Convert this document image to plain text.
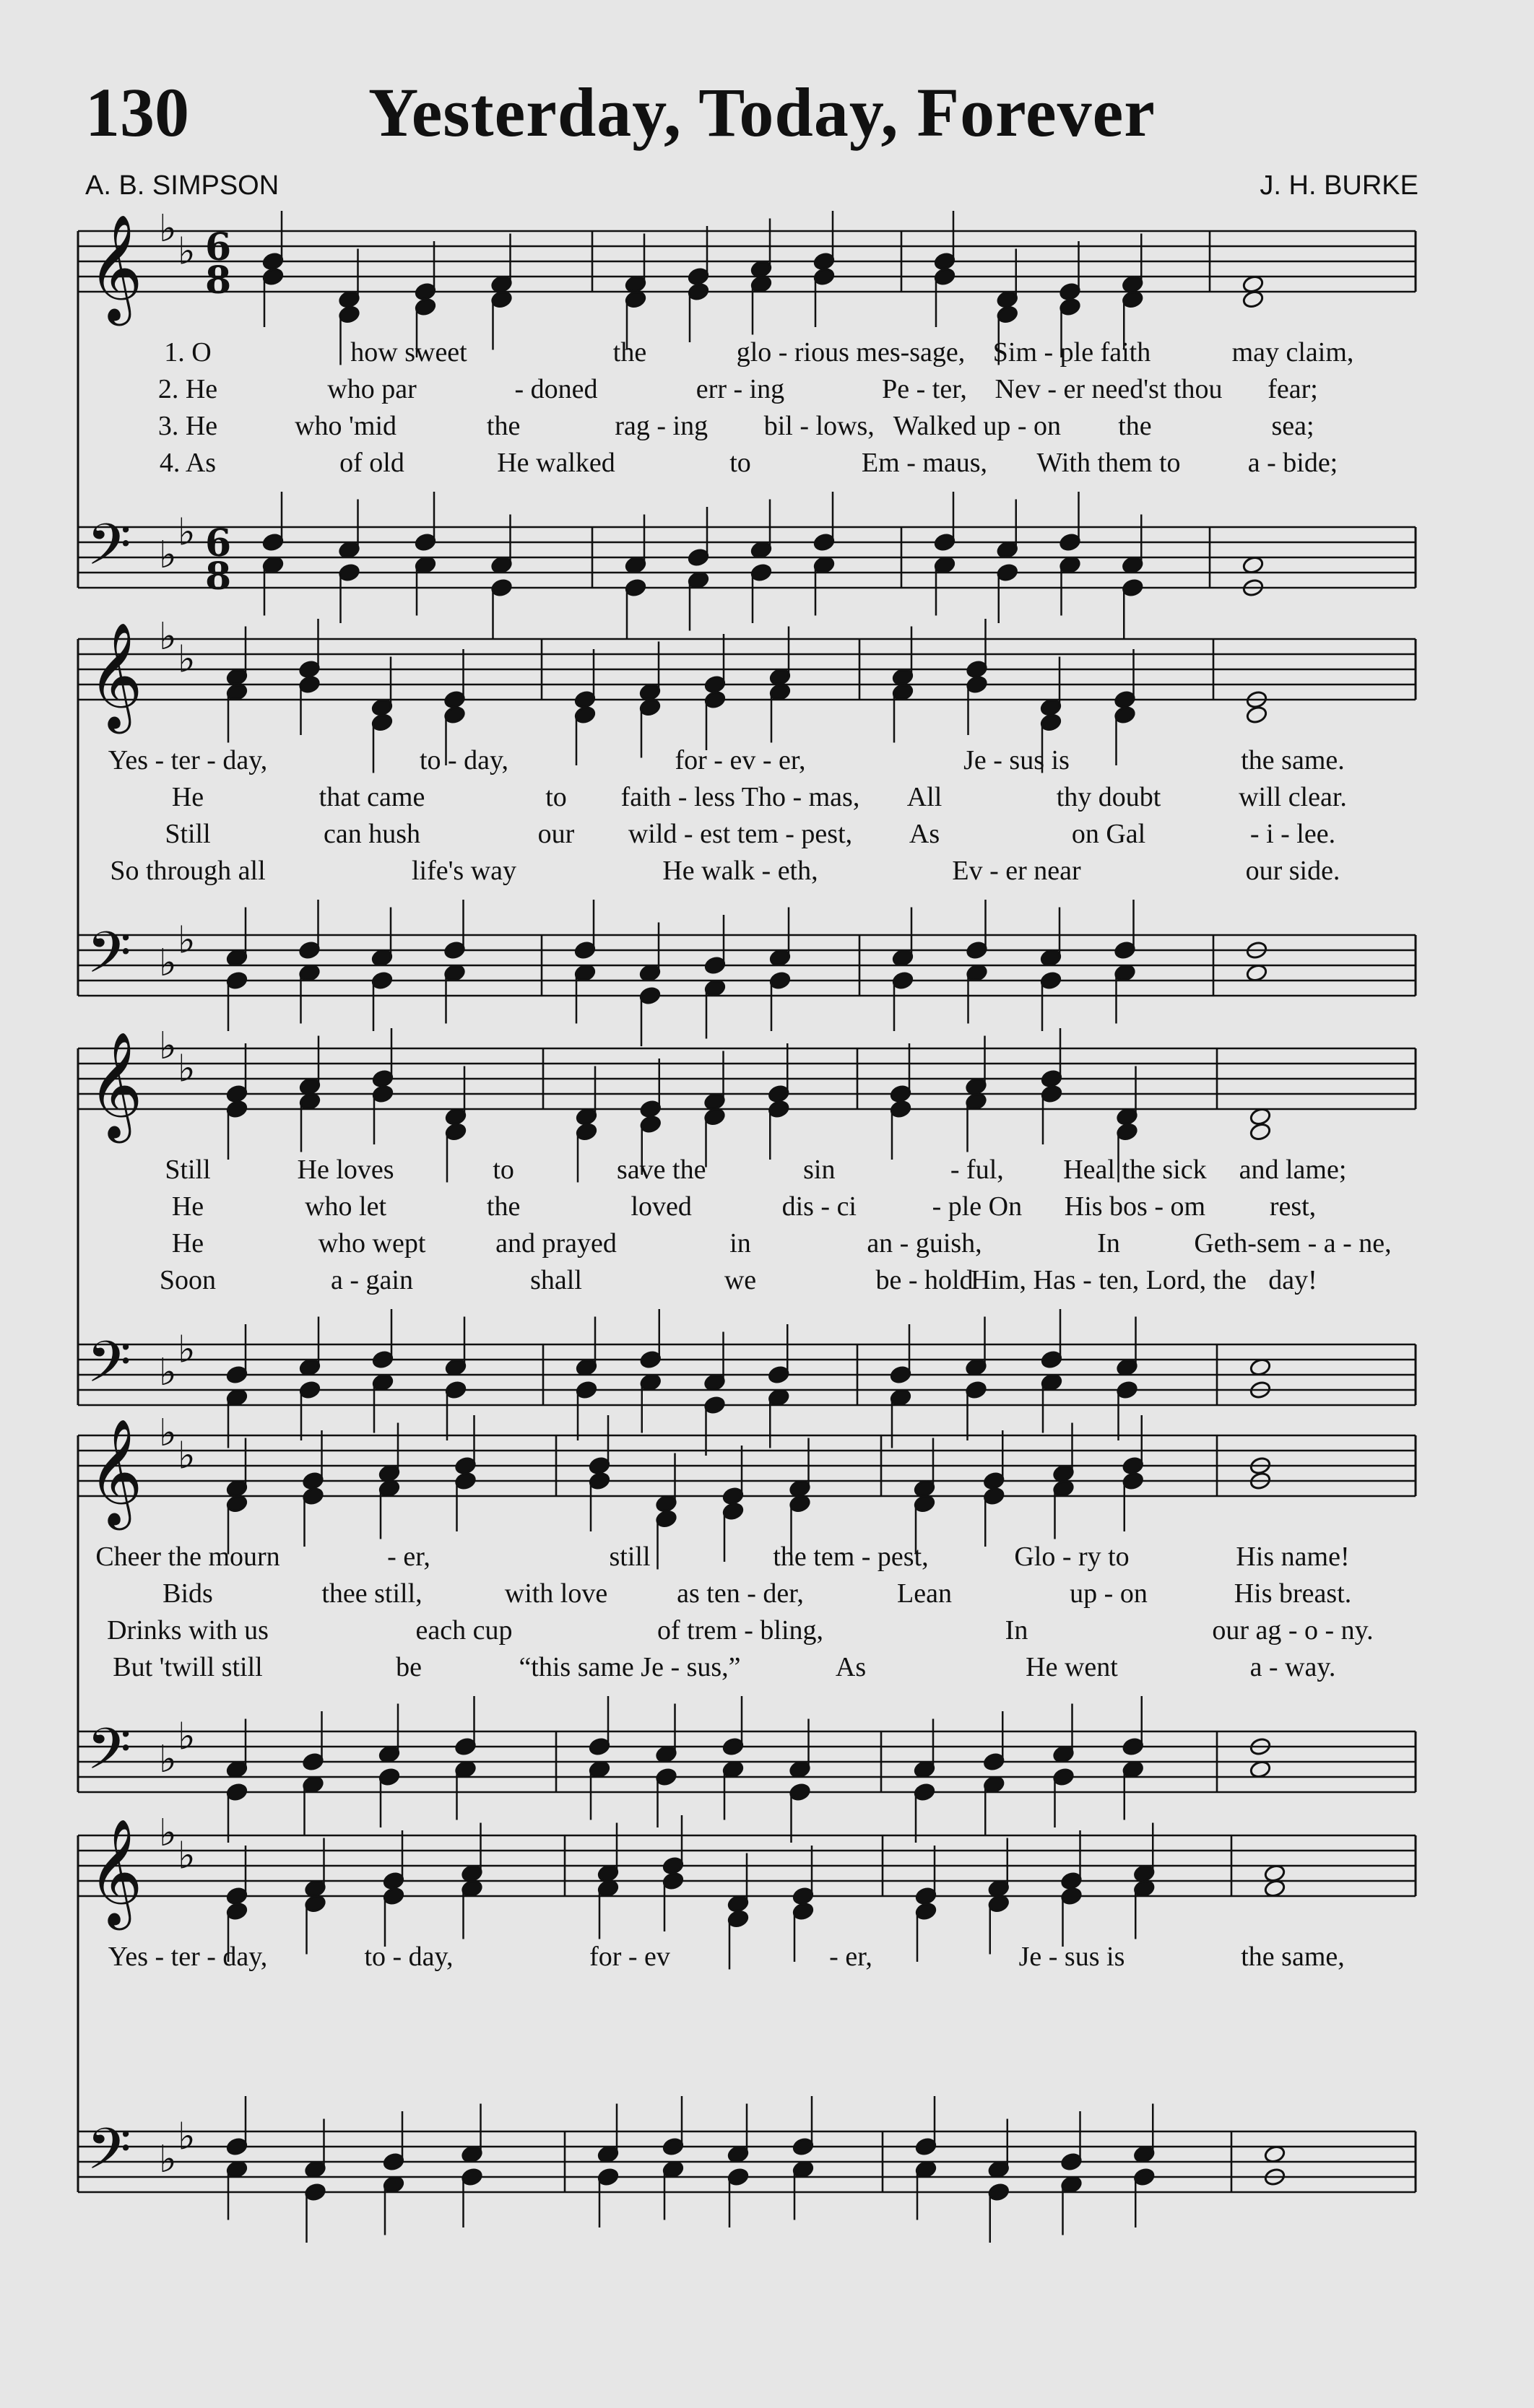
130	Yesterday, Today, Forever
A. B. SIMPSON	J. H. BURKE
𝄞 ♭
♭
𝄢 ♭
♭
6
8
6
8
1. O	how sweet	the	glo - rious mes-sage, Sim - ple faith	may claim,
2. He	who par	- doned	err - ing	Pe - ter, Nev - er need'st thou fear;
3. He	who 'mid	the	rag - ing bil - lows, Walked up - on the	sea;
4. As	of old	He walked	to	Em - maus, With them to a - bide;
𝄞 ♭
♭
𝄢 ♭
♭
Yes - ter - day,	to - day,	for - ev - er,	Je - sus is	the same.
He	that came	to faith - less Tho - mas, All	thy doubt	will clear.
Still	can hush	our wild - est tem - pest, As	on Gal	- i - lee.
So through all	life's way	He walk - eth,	Ev - er near	our side.
𝄞 ♭
♭
𝄢 ♭
♭
Still	He loves	to	save the	sin	- ful, Heal the sick and lame;
He	who let	the	loved	dis - ci	- ple On His bos - om rest,
He	who wept	and prayed	in	an - guish,	In	Geth-sem - a - ne,
Soon	a - gain	shall	we	be - hold
Him, Has - ten, Lord, the day!
𝄞 ♭
♭
𝄢 ♭
♭
Cheer the mourn	- er,	still	the tem - pest,	Glo - ry to	His name!
Bids	thee still,	with love	as ten - der,	Lean	up - on	His breast.
Drinks with us	each cup	of trem - bling,	In	our ag - o - ny.
But 'twill still	be	“this same Je - sus,”	As	He went	a - way.
𝄞 ♭
♭
𝄢 ♭
♭
Yes - ter - day,	to - day,	for - ev	- er,	Je - sus is	the same,
